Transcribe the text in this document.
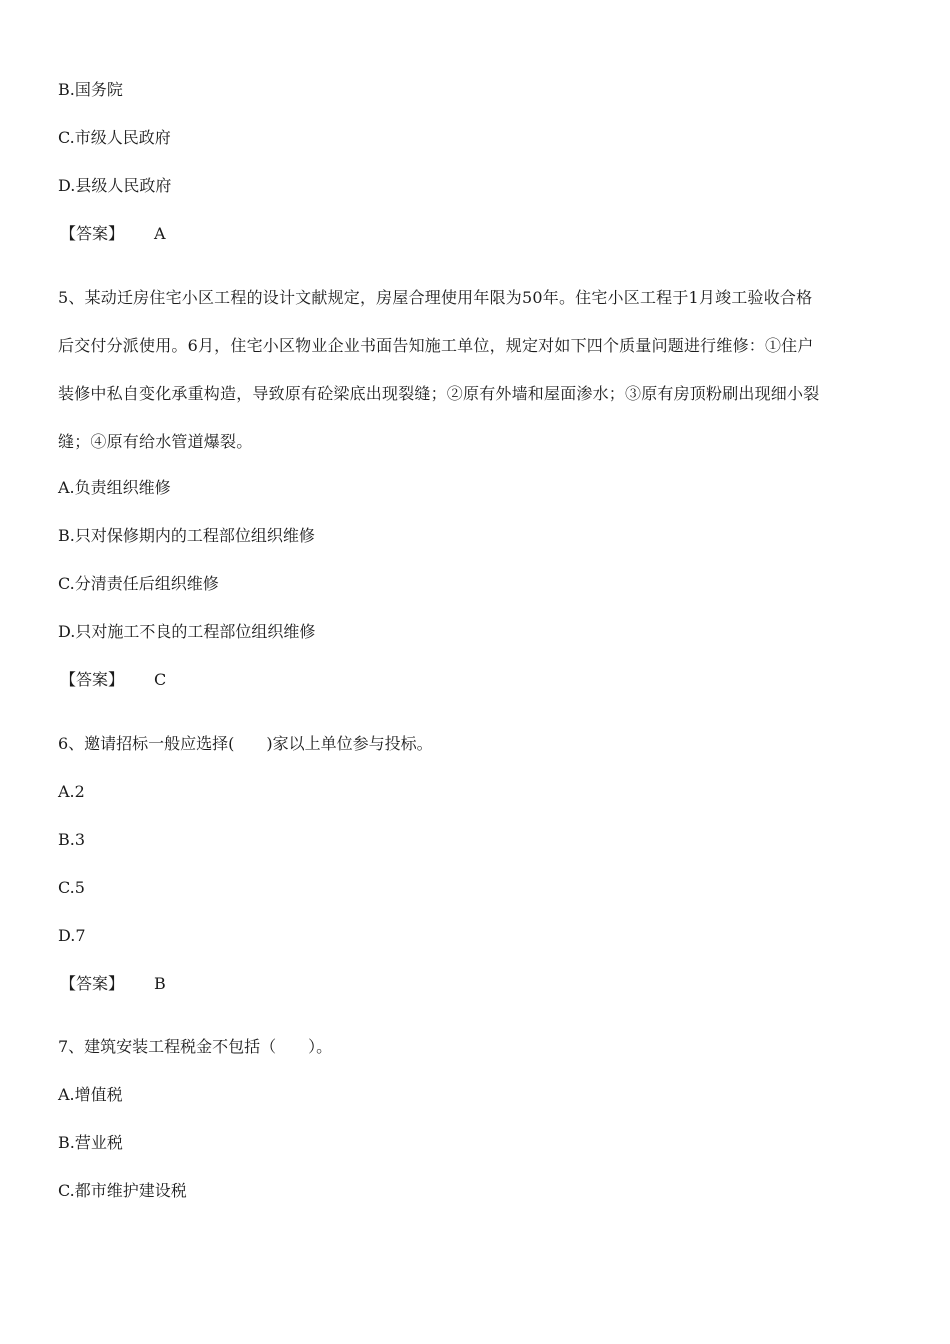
B.国务院
C.市级人民政府
D.县级人民政府
【答案】 A
5、某动迁房住宅小区工程的设计文献规定，房屋合理使用年限为50年。住宅小区工程于1月竣工验收合格
后交付分派使用。6月，住宅小区物业企业书面告知施工单位，规定对如下四个质量问题进行维修：①住户
装修中私自变化承重构造，导致原有砼梁底出现裂缝；②原有外墙和屋面渗水；③原有房顶粉刷出现细小裂
缝；④原有给水管道爆裂。
A.负责组织维修
B.只对保修期内的工程部位组织维修
C.分清责任后组织维修
D.只对施工不良的工程部位组织维修
【答案】 C
6、邀请招标一般应选择(　　)家以上单位参与投标。
A.2
B.3
C.5
D.7
【答案】 B
7、建筑安装工程税金不包括（　　）。
A.增值税
B.营业税
C.都市维护建设税
